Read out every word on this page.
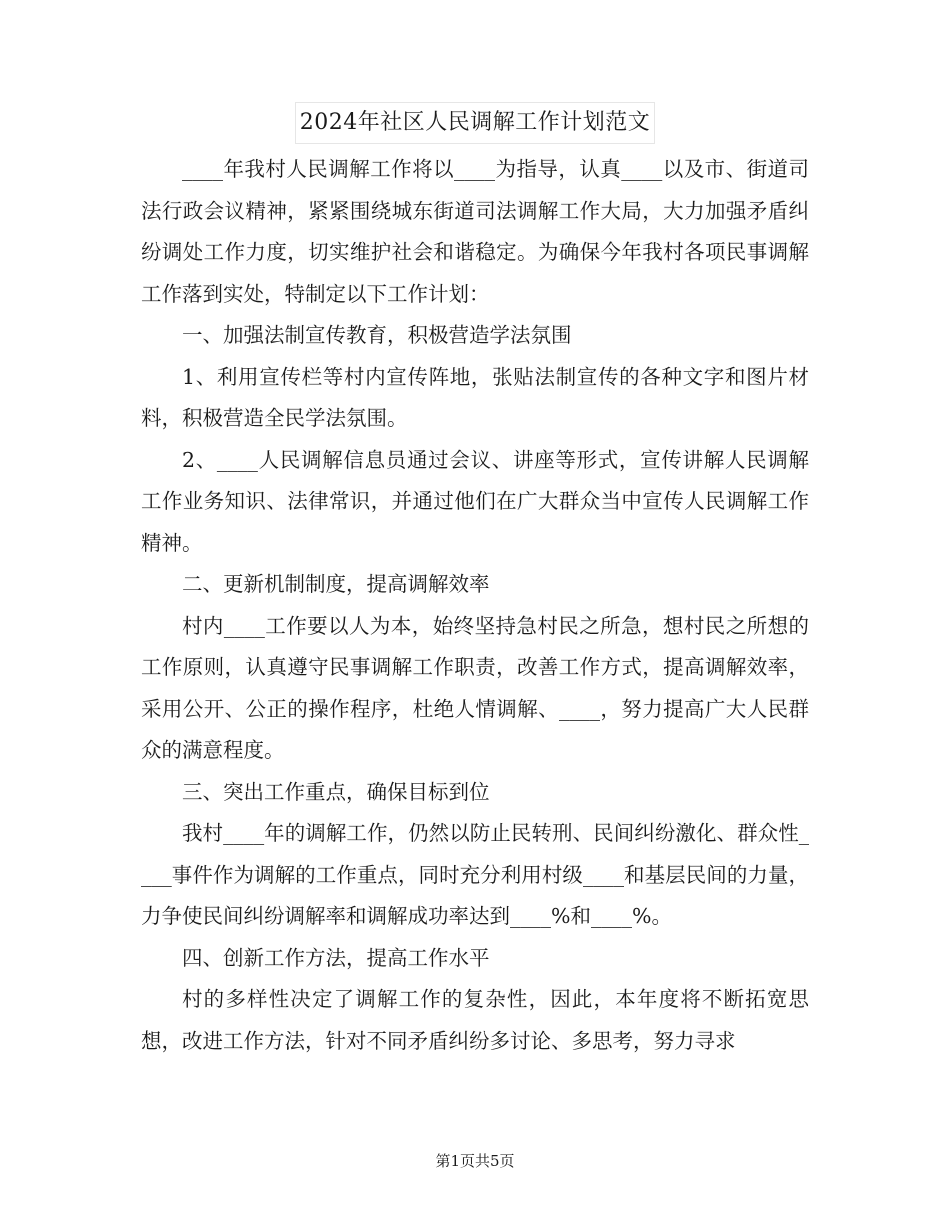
2024年社区人民调解工作计划范文

____年我村人民调解工作将以____为指导，认真____以及市、街道司法行政会议精神，紧紧围绕城东街道司法调解工作大局，大力加强矛盾纠纷调处工作力度，切实维护社会和谐稳定。为确保今年我村各项民事调解工作落到实处，特制定以下工作计划：

一、加强法制宣传教育，积极营造学法氛围

1、利用宣传栏等村内宣传阵地，张贴法制宣传的各种文字和图片材料，积极营造全民学法氛围。

2、____人民调解信息员通过会议、讲座等形式，宣传讲解人民调解工作业务知识、法律常识，并通过他们在广大群众当中宣传人民调解工作精神。

二、更新机制制度，提高调解效率

村内____工作要以人为本，始终坚持急村民之所急，想村民之所想的工作原则，认真遵守民事调解工作职责，改善工作方式，提高调解效率，采用公开、公正的操作程序，杜绝人情调解、____，努力提高广大人民群众的满意程度。

三、突出工作重点，确保目标到位

我村____年的调解工作，仍然以防止民转刑、民间纠纷激化、群众性____事件作为调解的工作重点，同时充分利用村级____和基层民间的力量，力争使民间纠纷调解率和调解成功率达到____%和____%。

四、创新工作方法，提高工作水平

村的多样性决定了调解工作的复杂性，因此，本年度将不断拓宽思想，改进工作方法，针对不同矛盾纠纷多讨论、多思考，努力寻求

第1页共5页
